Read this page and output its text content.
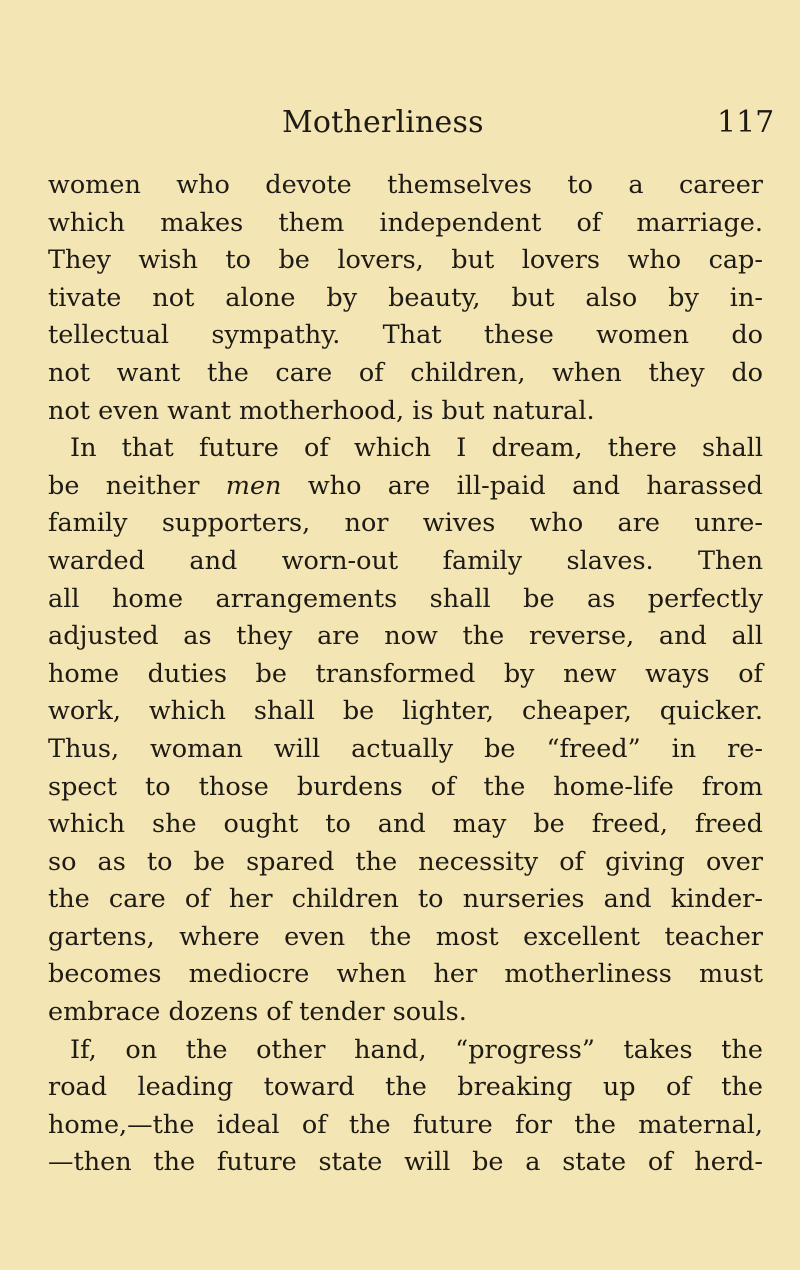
Motherliness	117
women who devote themselves to a career
which makes them independent of marriage.
They wish to be lovers, but lovers who cap-
tivate not alone by beauty, but also by in-
tellectual sympathy. That these women do
not want the care of children, when they do
not even want motherhood, is but natural.
In that future of which I dream, there shall
be neither men who are ill-paid and harassed
family supporters, nor wives who are unre-
warded and worn-out family slaves. Then
all home arrangements shall be as perfectly
adjusted as they are now the reverse, and all
home duties be transformed by new ways of
work, which shall be lighter, cheaper, quicker.
Thus, woman will actually be “freed” in re-
spect to those burdens of the home-life from
which she ought to and may be freed, freed
so as to be spared the necessity of giving over
the care of her children to nurseries and kinder-
gartens, where even the most excellent teacher
becomes mediocre when her motherliness must
embrace dozens of tender souls.
If, on the other hand, “progress” takes the
road leading toward the breaking up of the
home,—the ideal of the future for the maternal,
—then the future state will be a state of herd-
